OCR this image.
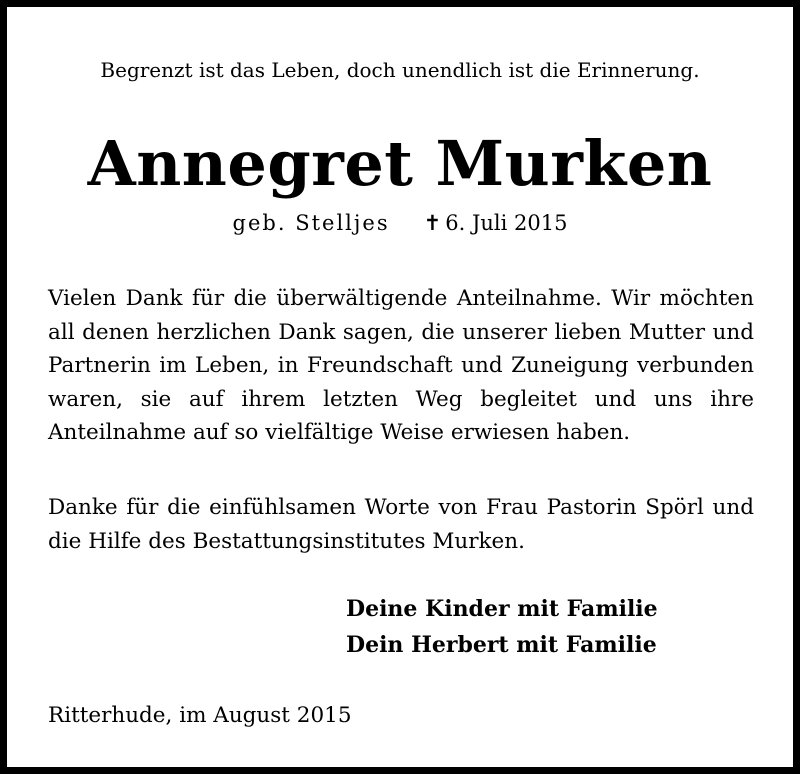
Begrenzt ist das Leben, doch unendlich ist die Erinnerung.
Annegret Murken
geb. Stelljes ✝ 6. Juli 2015

Vielen Dank für die überwältigende Anteilnahme. Wir möchten all denen herzlichen Dank sagen, die unserer lieben Mutter und Partnerin im Leben, in Freundschaft und Zuneigung verbunden waren, sie auf ihrem letzten Weg begleitet und uns ihre Anteilnahme auf so vielfältige Weise erwiesen haben.

Danke für die einfühlsamen Worte von Frau Pastorin Spörl und die Hilfe des Bestattungsinstitutes Murken.

Deine Kinder mit Familie
Dein Herbert mit Familie
Ritterhude, im August 2015
